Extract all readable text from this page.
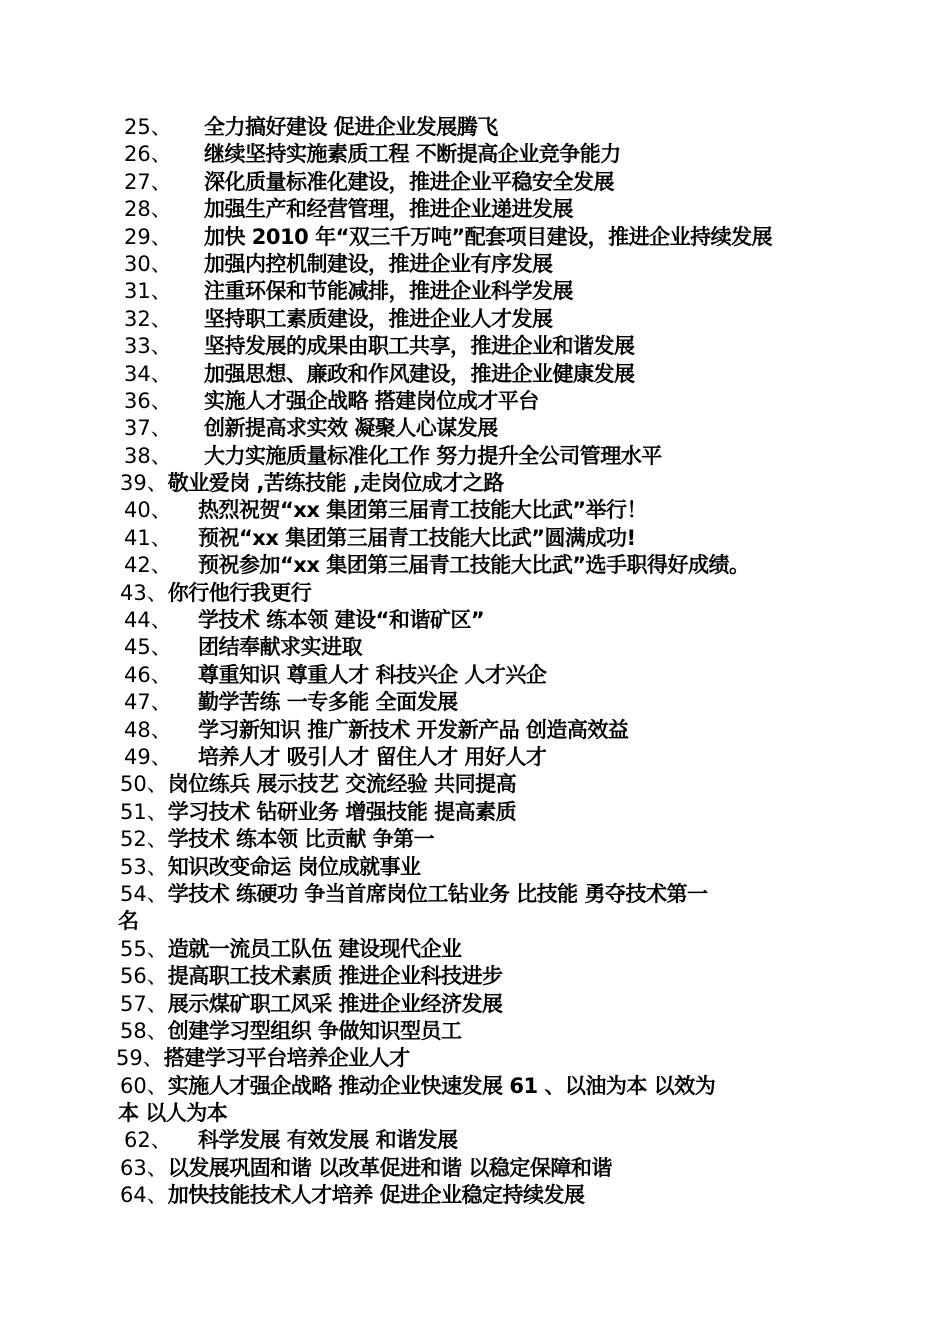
25、 全力搞好建设 促进企业发展腾飞
26、 继续坚持实施素质工程 不断提高企业竞争能力
27、 深化质量标准化建设，推进企业平稳安全发展
28、 加强生产和经营管理，推进企业递进发展
29、 加快 2010 年“双三千万吨”配套项目建设，推进企业持续发展
30、 加强内控机制建设，推进企业有序发展
31、 注重环保和节能减排，推进企业科学发展
32、 坚持职工素质建设，推进企业人才发展
33、 坚持发展的成果由职工共享，推进企业和谐发展
34、 加强思想、廉政和作风建设，推进企业健康发展
36、 实施人才强企战略 搭建岗位成才平台
37、 创新提高求实效 凝聚人心谋发展
38、 大力实施质量标准化工作 努力提升全公司管理水平
39、敬业爱岗 ,苦练技能 ,走岗位成才之路
40、 热烈祝贺“xx 集团第三届青工技能大比武”举行！
41、 预祝“xx 集团第三届青工技能大比武”圆满成功!
42、 预祝参加“xx 集团第三届青工技能大比武”选手职得好成绩。
43、你行他行我更行
44、 学技术 练本领 建设“和谐矿区”
45、 团结奉献求实进取
46、 尊重知识 尊重人才 科技兴企 人才兴企
47、 勤学苦练 一专多能 全面发展
48、 学习新知识 推广新技术 开发新产品 创造高效益
49、 培养人才 吸引人才 留住人才 用好人才
50、岗位练兵 展示技艺 交流经验 共同提高
51、学习技术 钻研业务 增强技能 提高素质
52、学技术 练本领 比贡献 争第一
53、知识改变命运 岗位成就事业
54、学技术 练硬功 争当首席岗位工钻业务 比技能 勇夺技术第一
名
55、造就一流员工队伍 建设现代企业
56、提高职工技术素质 推进企业科技进步
57、展示煤矿职工风采 推进企业经济发展
58、创建学习型组织 争做知识型员工
59、搭建学习平台培养企业人才
60、实施人才强企战略 推动企业快速发展 61 、以油为本 以效为
本 以人为本
62、 科学发展 有效发展 和谐发展
63、以发展巩固和谐 以改革促进和谐 以稳定保障和谐
64、加快技能技术人才培养 促进企业稳定持续发展
